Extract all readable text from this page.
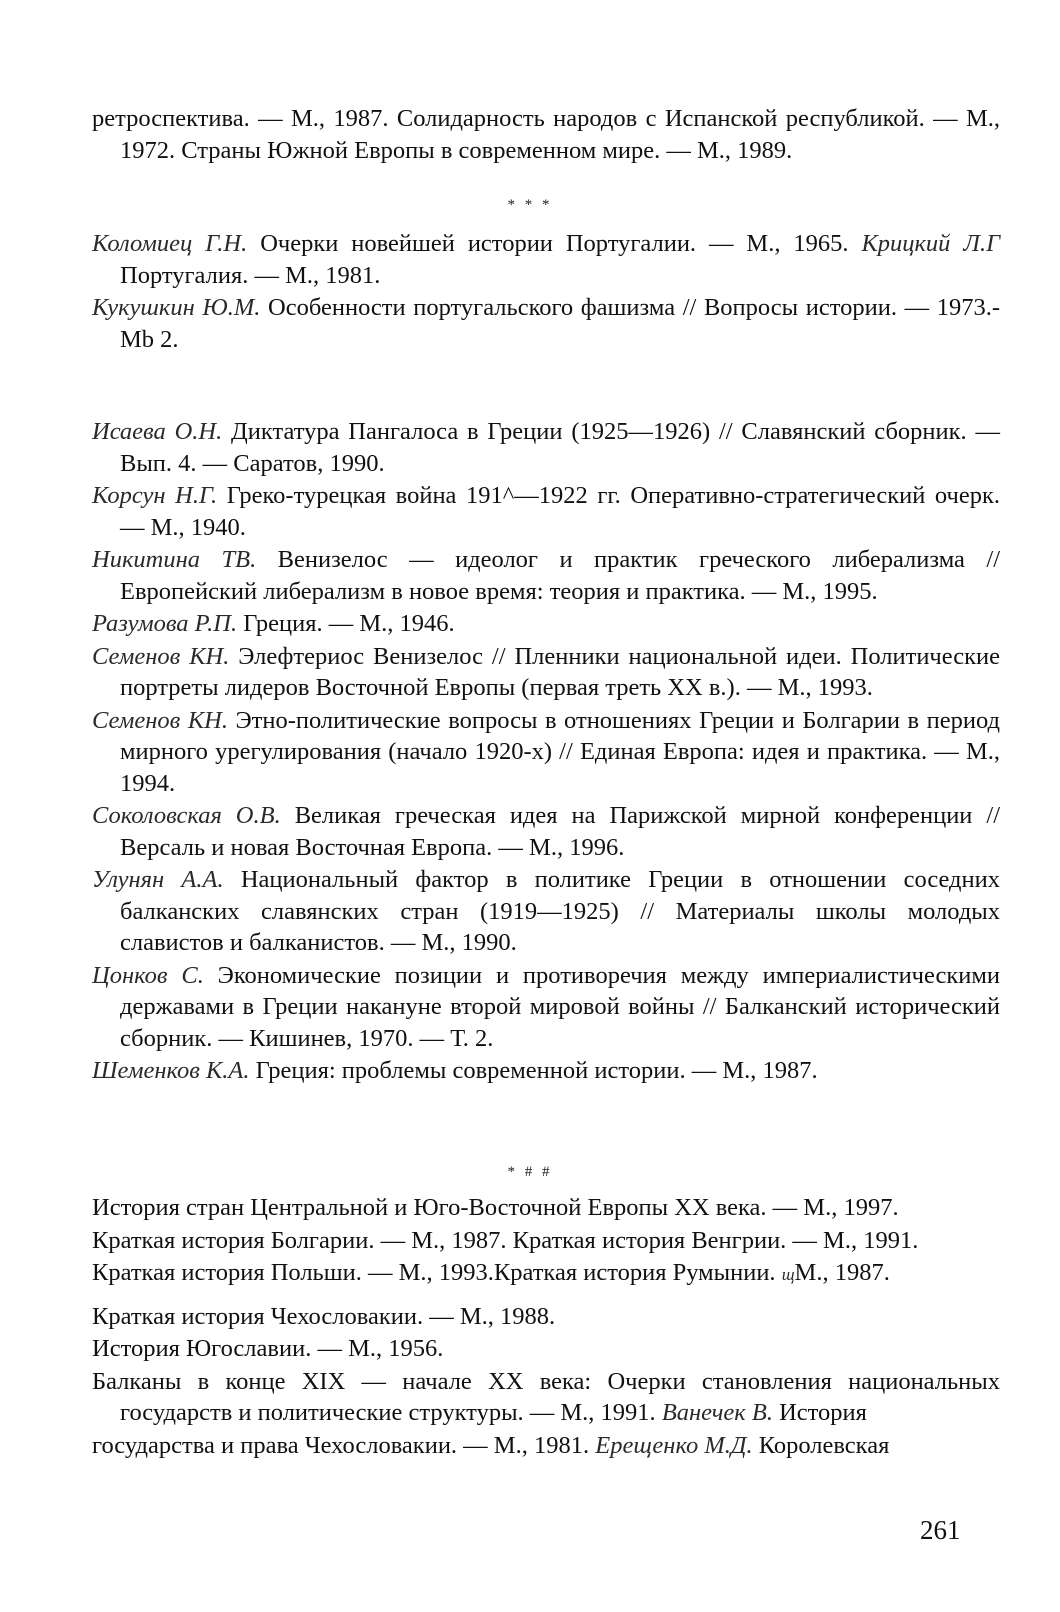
ретроспектива. — М., 1987. Солидарность народов с Испанской республикой. — М., 1972. Страны Южной Европы в современном мире. — М., 1989.

* * *

Коломиец Г.Н. Очерки новейшей истории Португалии. — М., 1965. Крицкий Л.Г Португалия. — М., 1981.

Кукушкин Ю.М. Особенности португальского фашизма // Вопросы истории. — 1973.-Mb 2.

Исаева О.Н. Диктатура Пангалоса в Греции (1925—1926) // Славянский сборник. — Вып. 4. — Саратов, 1990.

Корсун Н.Г. Греко-турецкая война 191^—1922 гг. Оперативно-стратегический очерк. — М., 1940.

Никитина ТВ. Венизелос — идеолог и практик греческого либерализма // Европейский либерализм в новое время: теория и практика. — М., 1995.

Разумова Р.П. Греция. — М., 1946.

Семенов КН. Элефтериос Венизелос // Пленники национальной идеи. Политические портреты лидеров Восточной Европы (первая треть XX в.). — М., 1993.

Семенов КН. Этно-политические вопросы в отношениях Греции и Болгарии в период мирного урегулирования (начало 1920-х) // Единая Европа: идея и практика. — М., 1994.

Соколовская О.В. Великая греческая идея на Парижской мирной конференции // Версаль и новая Восточная Европа. — М., 1996.

Улунян А.А. Национальный фактор в политике Греции в отношении соседних балканских славянских стран (1919—1925) // Материалы школы молодых славистов и балканистов. — М., 1990.

Цонков С. Экономические позиции и противоречия между империалистическими державами в Греции накануне второй мировой войны // Балканский исторический сборник. — Кишинев, 1970. — Т. 2.

Шеменков К.А. Греция: проблемы современной истории. — М., 1987.

* # #

История стран Центральной и Юго-Восточной Европы XX века. — М., 1997.

Краткая история Болгарии. — М., 1987. Краткая история Венгрии. — М., 1991.

Краткая история Польши. — М., 1993.Краткая история Румынии. щМ., 1987.

Краткая история Чехословакии. — М., 1988.

История Югославии. — М., 1956.

Балканы в конце XIX — начале XX века: Очерки становления национальных государств и политические структуры. — М., 1991. Ванечек В. История

государства и права Чехословакии. — М., 1981. Ерещенко М.Д. Королевская

261
